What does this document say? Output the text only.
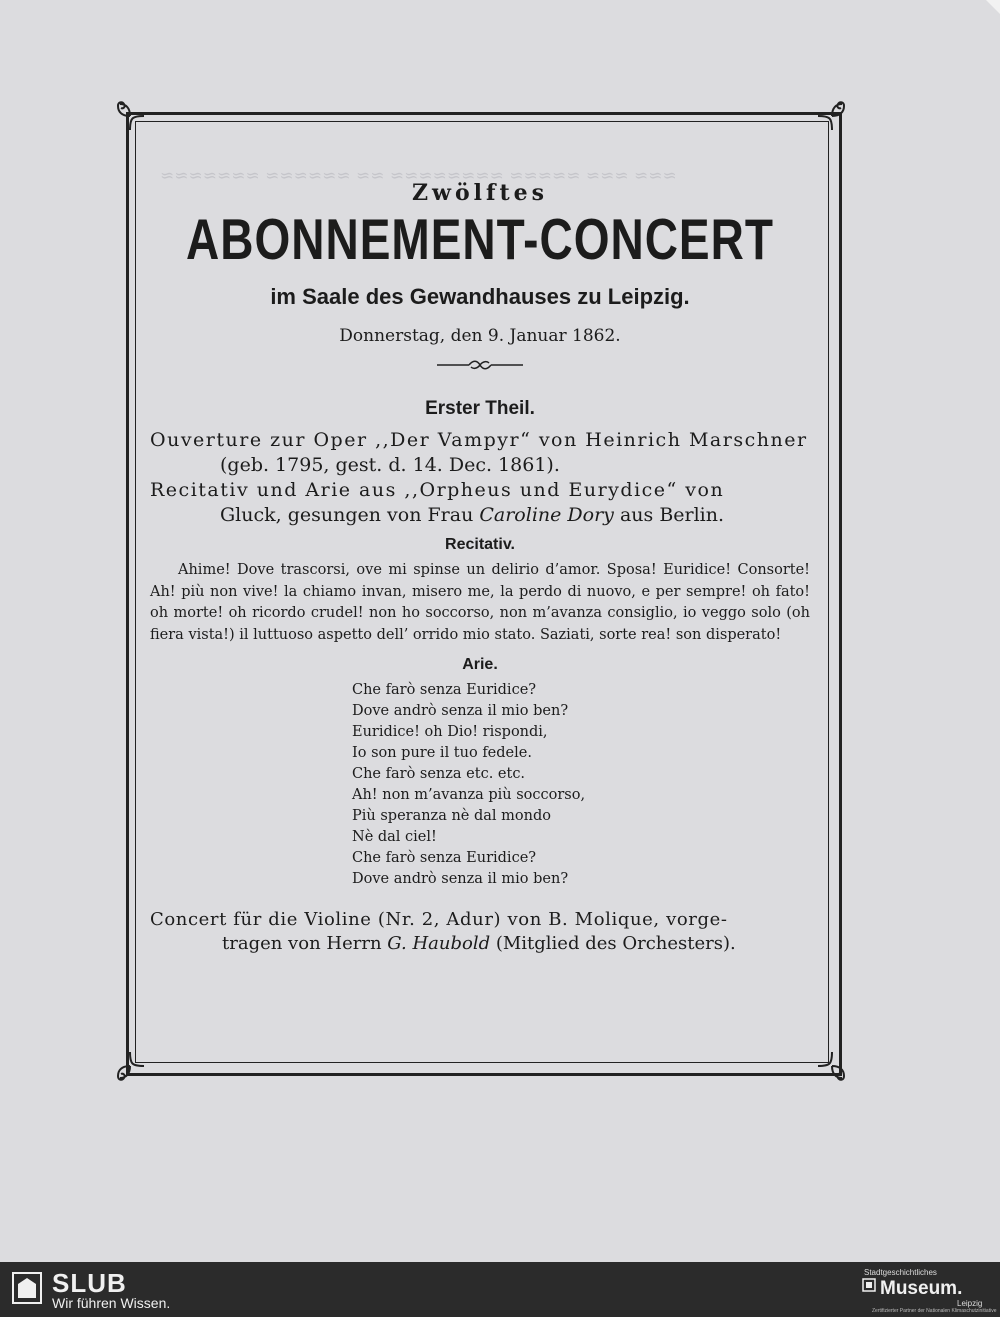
≈≈≈ ≈≈≈ ≈≈≈≈≈ ≈≈≈≈≈≈≈≈ ≈≈ ≈≈≈≈≈≈ ≈≈≈≈≈≈≈
Zwölftes
ABONNEMENT-CONCERT
im Saale des Gewandhauses zu Leipzig.
Donnerstag, den 9. Januar 1862.
Erster Theil.
Ouverture zur Oper ,,Der Vampyr“ von Heinrich Marschner
(geb. 1795, gest. d. 14. Dec. 1861).
Recitativ und Arie aus ,,Orpheus und Eurydice“ von
Gluck, gesungen von Frau Caroline Dory aus Berlin.
Recitativ.
Ahime! Dove trascorsi, ove mi spinse un delirio d’amor. Sposa! Euridice! Consorte! Ah! più non vive! la chiamo invan, misero me, la perdo di nuovo, e per sempre! oh fato! oh morte! oh ricordo crudel! non ho soccorso, non m’avanza consiglio, io veggo solo (oh fiera vista!) il luttuoso aspetto dell’ orrido mio stato. Saziati, sorte rea! son disperato!
Arie.
Che farò senza Euridice?
Dove andrò senza il mio ben?
Euridice! oh Dio! rispondi,
Io son pure il tuo fedele.
Che farò senza etc. etc.
Ah! non m’avanza più soccorso,
Più speranza nè dal mondo
Nè dal ciel!
Che farò senza Euridice?
Dove andrò senza il mio ben?
Concert für die Violine (Nr. 2, Adur) von B. Molique, vorge-
tragen von Herrn G. Haubold (Mitglied des Orchesters).
SLUB
Wir führen Wissen.
Stadtgeschichtliches
Museum.
Leipzig
Zertifizierter Partner der Nationalen Klimaschutzinitiative
